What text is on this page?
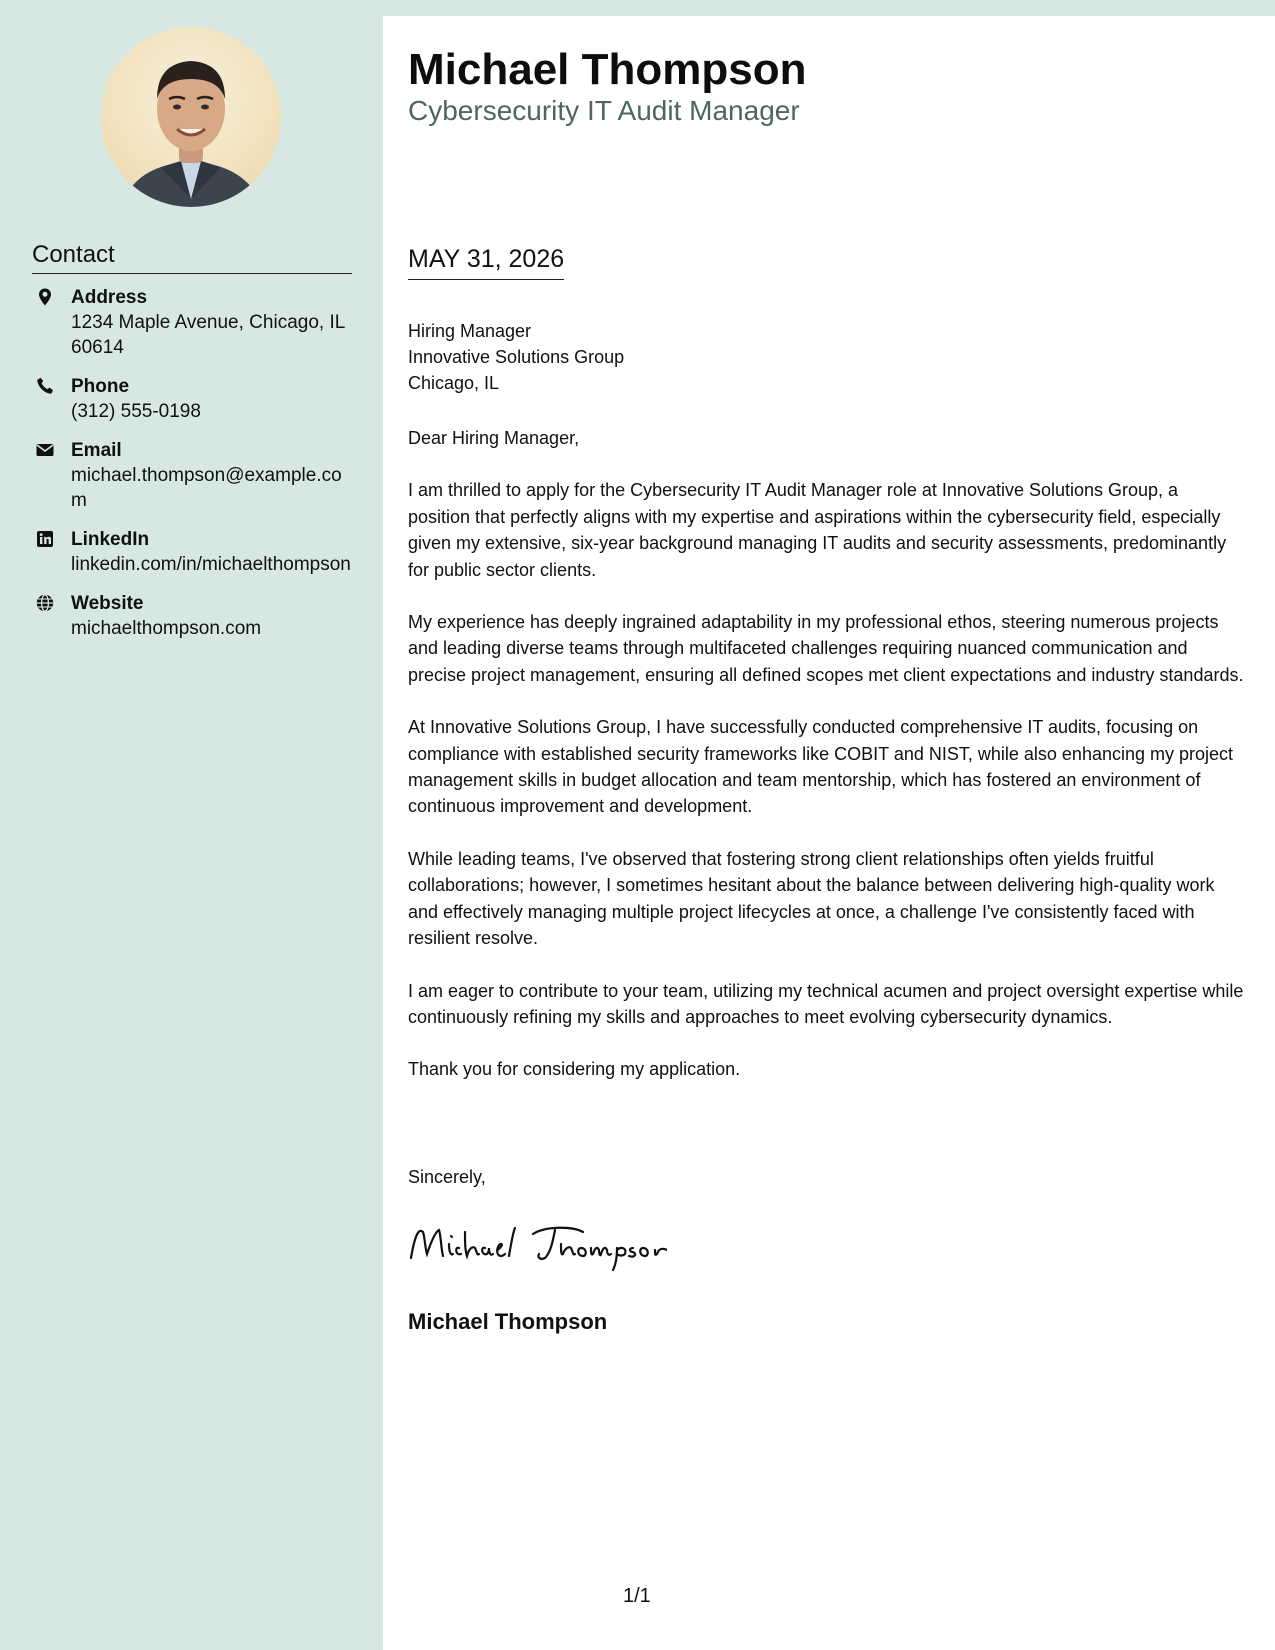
Contact
Address
1234 Maple Avenue, Chicago, IL 60614
Phone
(312) 555-0198
Email
michael.thompson@example.com
LinkedIn
linkedin.com/in/michaelthompson
Website
michaelthompson.com
Michael Thompson
Cybersecurity IT Audit Manager
MAY 31, 2026
Hiring Manager
Innovative Solutions Group
Chicago, IL

Dear Hiring Manager,

I am thrilled to apply for the Cybersecurity IT Audit Manager role at Innovative Solutions Group, a position that perfectly aligns with my expertise and aspirations within the cybersecurity field, especially given my extensive, six-year background managing IT audits and security assessments, predominantly for public sector clients.

My experience has deeply ingrained adaptability in my professional ethos, steering numerous projects and leading diverse teams through multifaceted challenges requiring nuanced communication and precise project management, ensuring all defined scopes met client expectations and industry standards.

At Innovative Solutions Group, I have successfully conducted comprehensive IT audits, focusing on compliance with established security frameworks like COBIT and NIST, while also enhancing my project management skills in budget allocation and team mentorship, which has fostered an environment of continuous improvement and development.

While leading teams, I've observed that fostering strong client relationships often yields fruitful collaborations; however, I sometimes hesitant about the balance between delivering high-quality work and effectively managing multiple project lifecycles at once, a challenge I've consistently faced with resilient resolve.

I am eager to contribute to your team, utilizing my technical acumen and project oversight expertise while continuously refining my skills and approaches to meet evolving cybersecurity dynamics.

Thank you for considering my application.

Sincerely,
Michael Thompson
1/1
